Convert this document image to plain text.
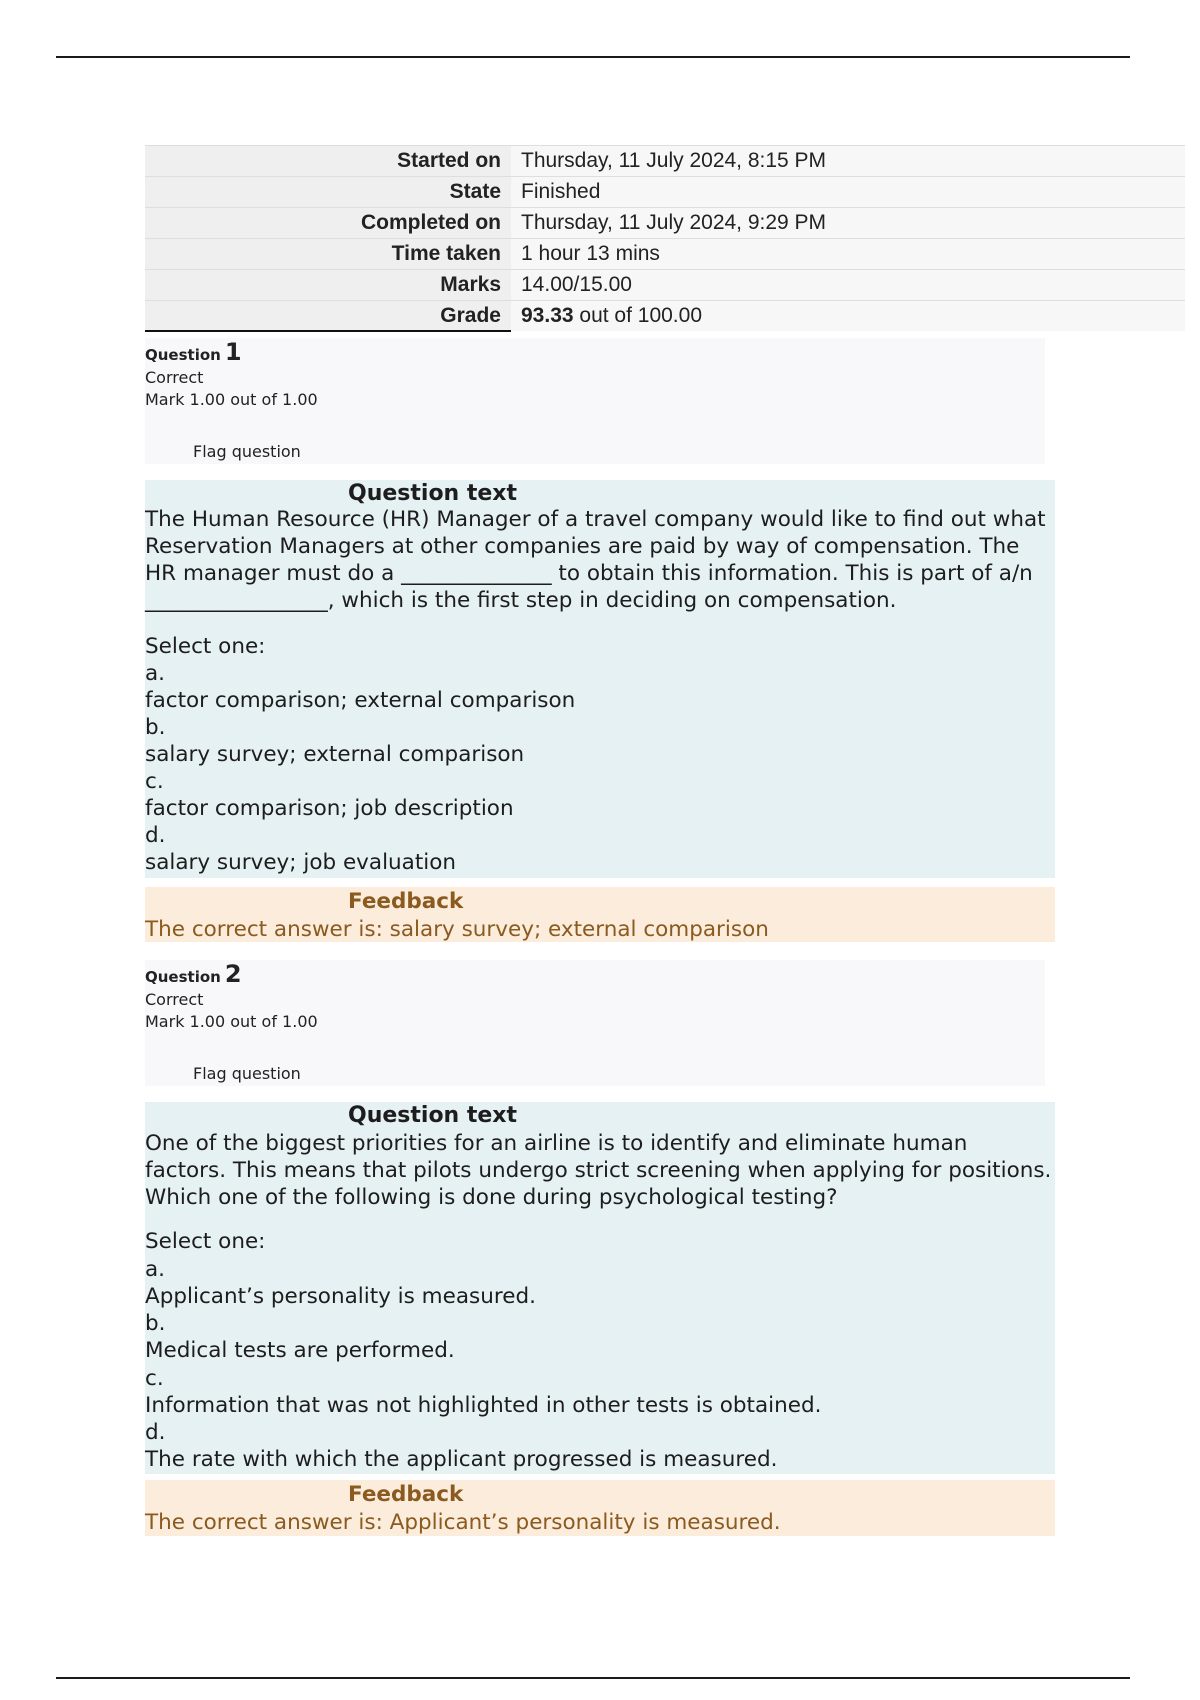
Started on	Thursday, 11 July 2024, 8:15 PM
State	Finished
Completed on	Thursday, 11 July 2024, 9:29 PM
Time taken	1 hour 13 mins
Marks	14.00/15.00
Grade	93.33 out of 100.00
Question 1
Correct
Mark 1.00 out of 1.00
Flag question
Question text
The Human Resource (HR) Manager of a travel company would like to find out what Reservation Managers at other companies are paid by way of compensation. The HR manager must do a ______________ to obtain this information. This is part of a/n _________________, which is the first step in deciding on compensation.
Select one:
a.
factor comparison; external comparison
b.
salary survey; external comparison
c.
factor comparison; job description
d.
salary survey; job evaluation
Feedback
The correct answer is: salary survey; external comparison
Question 2
Correct
Mark 1.00 out of 1.00
Flag question
Question text
One of the biggest priorities for an airline is to identify and eliminate human factors. This means that pilots undergo strict screening when applying for positions. Which one of the following is done during psychological testing?
Select one:
a.
Applicant’s personality is measured.
b.
Medical tests are performed.
c.
Information that was not highlighted in other tests is obtained.
d.
The rate with which the applicant progressed is measured.
Feedback
The correct answer is: Applicant’s personality is measured.
